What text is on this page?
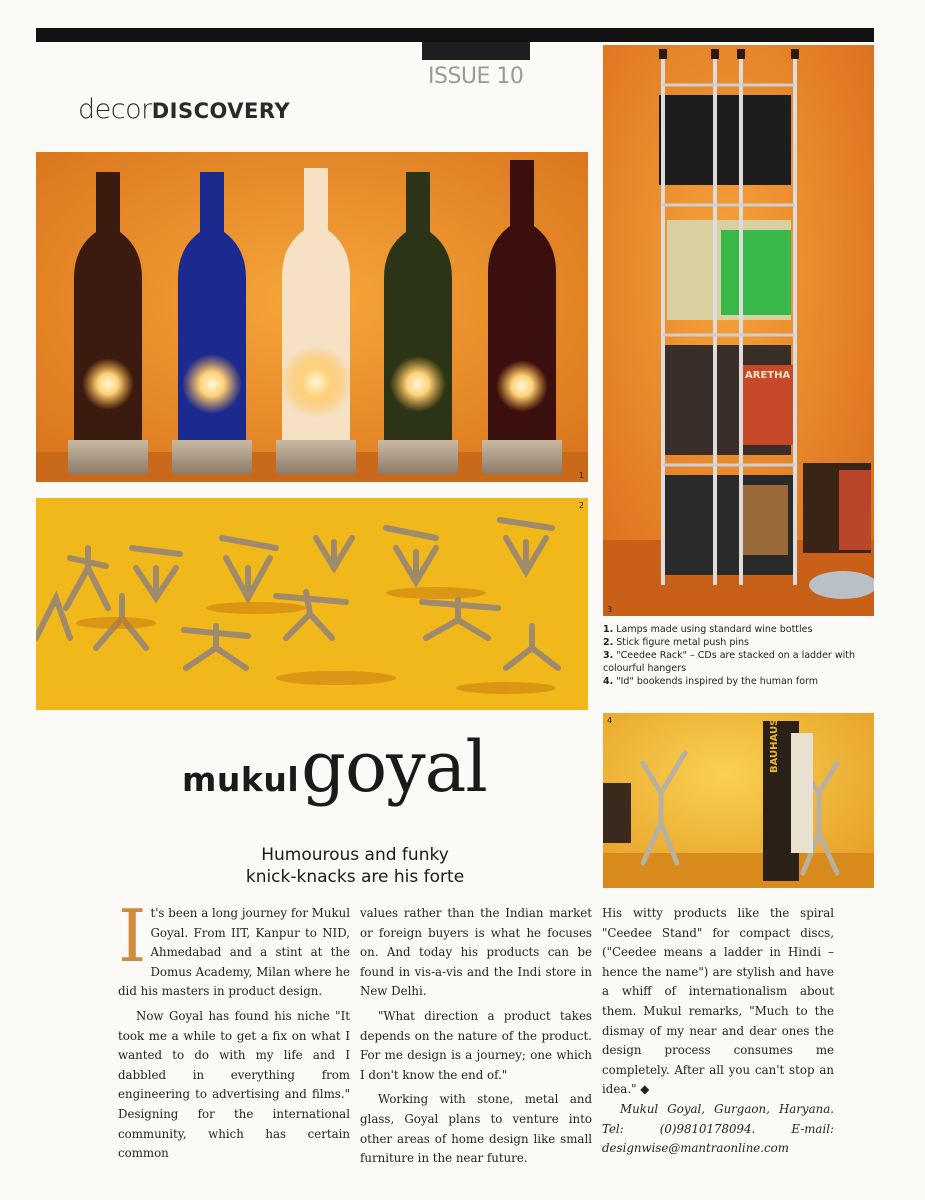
ISSUE 10
decorDISCOVERY
1
2
ARETHA
3
1. Lamps made using standard wine bottles
2. Stick figure metal push pins
3. "Ceedee Rack" – CDs are stacked on a ladder with colourful hangers
4. "Id" bookends inspired by the human form
BAUHAUS
4
mukulgoyal
Humourous and funky
knick-knacks are his forte

It's been a long journey for Mukul Goyal. From IIT, Kanpur to NID, Ahmedabad and a stint at the Domus Academy, Milan where he did his masters in product design.

Now Goyal has found his niche "It took me a while to get a fix on what I wanted to do with my life and I dabbled in everything from engineering to advertising and films." Designing for the international community, which has certain common

values rather than the Indian market or foreign buyers is what he focuses on. And today his products can be found in vis-a-vis and the Indi store in New Delhi.

"What direction a product takes depends on the nature of the product. For me design is a journey; one which I don't know the end of."

Working with stone, metal and glass, Goyal plans to venture into other areas of home design like small furniture in the near future.

His witty products like the spiral "Ceedee Stand" for compact discs, ("Ceedee means a ladder in Hindi – hence the name") are stylish and have a whiff of internationalism about them. Mukul remarks, "Much to the dismay of my near and dear ones the design process consumes me completely. After all you can't stop an idea." ◆

Mukul Goyal, Gurgaon, Haryana. Tel: (0)9810178094. E-mail: designwise@mantraonline.com
